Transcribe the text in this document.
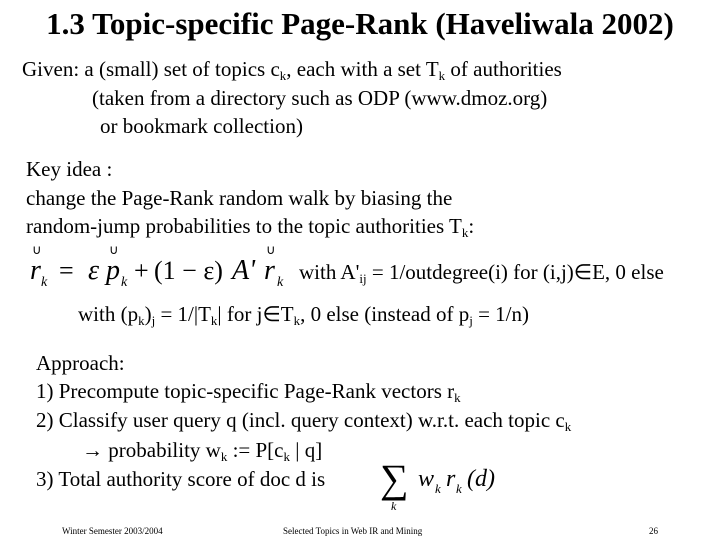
1.3 Topic-specific Page-Rank (Haveliwala 2002)
Given: a (small) set of topics $c_k$, each with a set $T_k$ of authorities
(taken from a directory such as ODP (www.dmoz.org)
or bookmark collection)
Key idea :
change the Page-Rank random walk by biasing the
random-jump probabilities to the topic authorities $T_k$:
∪
r k = ε
∪
p k + (1 − ε) A'
∪
r k with $A'_{ij}$ = 1/outdegree(i) for (i,j)∈E, 0 else
with $(p_k)_j = 1/|T_k|$ for $j\in T_k$, 0 else (instead of $p_j = 1/n$)
Approach:
1) Precompute topic-specific Page-Rank vectors $r_k$
2) Classify user query q (incl. query context) w.r.t. each topic $c_k$
→ probability $w_k$ := $P[c_k$ | q]
3) Total authority score of doc d is ∑
k
w k r k (d)
Winter Semester 2003/2004	Selected Topics in Web IR and Mining	26
